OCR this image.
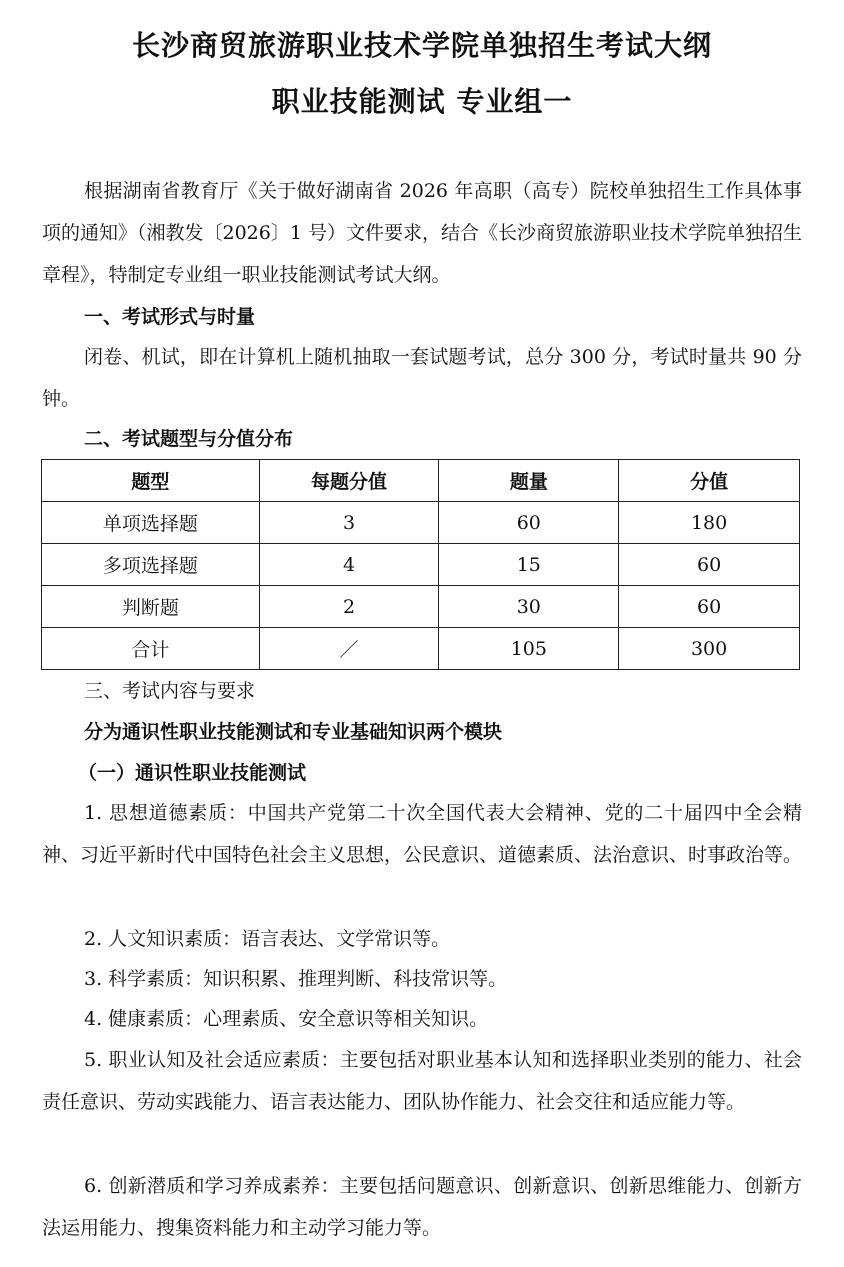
长沙商贸旅游职业技术学院单独招生考试大纲
职业技能测试 专业组一

根据湖南省教育厅《关于做好湖南省 2026 年高职（高专）院校单独招生工作具体事项的通知》（湘教发〔2026〕1 号）文件要求，结合《长沙商贸旅游职业技术学院单独招生章程》，特制定专业组一职业技能测试考试大纲。

一、考试形式与时量

闭卷、机试，即在计算机上随机抽取一套试题考试，总分 300 分，考试时量共 90 分钟。

二、考试题型与分值分布

题型	每题分值	题量	分值
单项选择题	3	60	180
多项选择题	4	15	60
判断题	2	30	60
合计	／	105	300

三、考试内容与要求

分为通识性职业技能测试和专业基础知识两个模块

（一）通识性职业技能测试

1. 思想道德素质：中国共产党第二十次全国代表大会精神、党的二十届四中全会精神、习近平新时代中国特色社会主义思想，公民意识、道德素质、法治意识、时事政治等。

2. 人文知识素质：语言表达、文学常识等。

3. 科学素质：知识积累、推理判断、科技常识等。

4. 健康素质：心理素质、安全意识等相关知识。

5. 职业认知及社会适应素质：主要包括对职业基本认知和选择职业类别的能力、社会责任意识、劳动实践能力、语言表达能力、团队协作能力、社会交往和适应能力等。

6. 创新潜质和学习养成素养：主要包括问题意识、创新意识、创新思维能力、创新方法运用能力、搜集资料能力和主动学习能力等。
